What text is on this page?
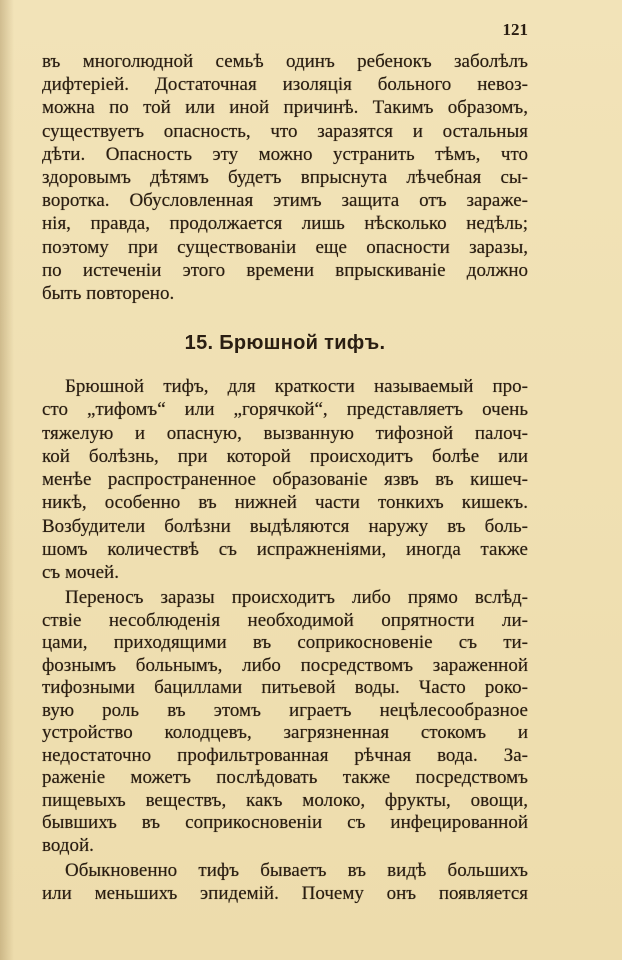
121
въ многолюдной семьѣ одинъ ребенокъ заболѣлъ
дифтеріей. Достаточная изоляція больного невоз-
можна по той или иной причинѣ. Такимъ образомъ,
существуетъ опасность, что заразятся и остальныя
дѣти. Опасность эту можно устранить тѣмъ, что
здоровымъ дѣтямъ будетъ впрыснута лѣчебная сы-
воротка. Обусловленная этимъ защита отъ зараже-
нія, правда, продолжается лишь нѣсколько недѣль;
поэтому при существованіи еще опасности заразы,
по истеченіи этого времени впрыскиваніе должно
быть повторено.
15. Брюшной тифъ.
Брюшной тифъ, для краткости называемый про-
сто „тифомъ“ или „горячкой“, представляетъ очень
тяжелую и опасную, вызванную тифозной палоч-
кой болѣзнь, при которой происходитъ болѣе или
менѣе распространенное образованіе язвъ въ кишеч-
никѣ, особенно въ нижней части тонкихъ кишекъ.
Возбудители болѣзни выдѣляются наружу въ боль-
шомъ количествѣ съ испражненіями, иногда также
съ мочей.
Переносъ заразы происходитъ либо прямо вслѣд-
ствіе несоблюденія необходимой опрятности ли-
цами, приходящими въ соприкосновеніе съ ти-
фознымъ больнымъ, либо посредствомъ зараженной
тифозными бациллами питьевой воды. Часто роко-
вую роль въ этомъ играетъ нецѣлесообразное
устройство колодцевъ, загрязненная стокомъ и
недостаточно профильтрованная рѣчная вода. За-
раженіе можетъ послѣдовать также посредствомъ
пищевыхъ веществъ, какъ молоко, фрукты, овощи,
бывшихъ въ соприкосновеніи съ инфецированной
водой.
Обыкновенно тифъ бываетъ въ видѣ большихъ
или меньшихъ эпидемій. Почему онъ появляется
